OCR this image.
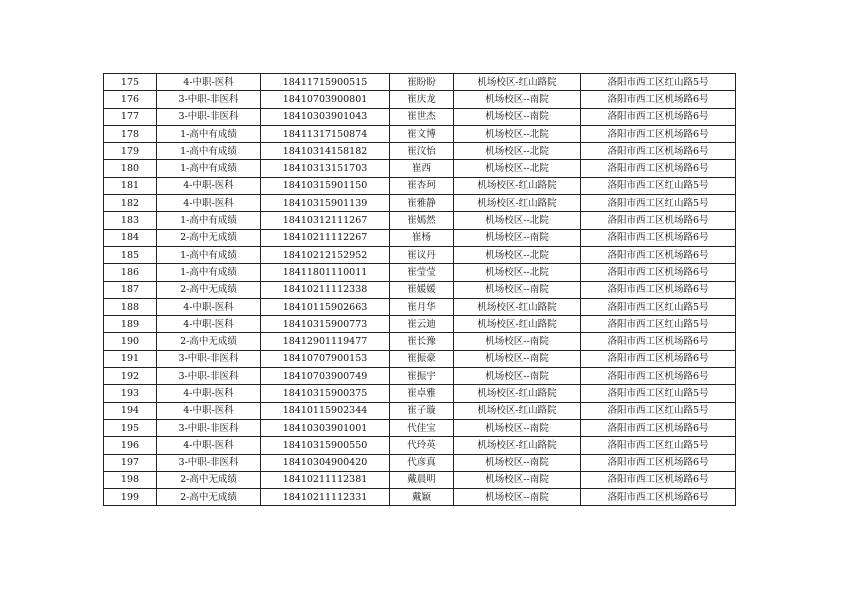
175	4-中职-医科	18411715900515	崔盼盼	机场校区-红山路院	洛阳市西工区红山路5号
176	3-中职-非医科	18410703900801	崔庆龙	机场校区--南院	洛阳市西工区机场路6号
177	3-中职-非医科	18410303901043	崔世杰	机场校区--南院	洛阳市西工区机场路6号
178	1-高中有成绩	18411317150874	崔文博	机场校区--北院	洛阳市西工区机场路6号
179	1-高中有成绩	18410314158182	崔汶怡	机场校区--北院	洛阳市西工区机场路6号
180	1-高中有成绩	18410313151703	崔西	机场校区--北院	洛阳市西工区机场路6号
181	4-中职-医科	18410315901150	崔杏珂	机场校区-红山路院	洛阳市西工区红山路5号
182	4-中职-医科	18410315901139	崔雅静	机场校区-红山路院	洛阳市西工区红山路5号
183	1-高中有成绩	18410312111267	崔嫣然	机场校区--北院	洛阳市西工区机场路6号
184	2-高中无成绩	18410211112267	崔杨	机场校区--南院	洛阳市西工区机场路6号
185	1-高中有成绩	18410212152952	崔议丹	机场校区--北院	洛阳市西工区机场路6号
186	1-高中有成绩	18411801110011	崔莹莹	机场校区--北院	洛阳市西工区机场路6号
187	2-高中无成绩	18410211112338	崔媛媛	机场校区--南院	洛阳市西工区机场路6号
188	4-中职-医科	18410115902663	崔月华	机场校区-红山路院	洛阳市西工区红山路5号
189	4-中职-医科	18410315900773	崔云迪	机场校区-红山路院	洛阳市西工区红山路5号
190	2-高中无成绩	18412901119477	崔长豫	机场校区--南院	洛阳市西工区机场路6号
191	3-中职-非医科	18410707900153	崔振豪	机场校区--南院	洛阳市西工区机场路6号
192	3-中职-非医科	18410703900749	崔振宇	机场校区--南院	洛阳市西工区机场路6号
193	4-中职-医科	18410315900375	崔卓雅	机场校区-红山路院	洛阳市西工区红山路5号
194	4-中职-医科	18410115902344	崔子璇	机场校区-红山路院	洛阳市西工区红山路5号
195	3-中职-非医科	18410303901001	代佳宝	机场校区--南院	洛阳市西工区机场路6号
196	4-中职-医科	18410315900550	代玲英	机场校区-红山路院	洛阳市西工区红山路5号
197	3-中职-非医科	18410304900420	代彦真	机场校区--南院	洛阳市西工区机场路6号
198	2-高中无成绩	18410211112381	戴晨明	机场校区--南院	洛阳市西工区机场路6号
199	2-高中无成绩	18410211112331	戴颖	机场校区--南院	洛阳市西工区机场路6号
